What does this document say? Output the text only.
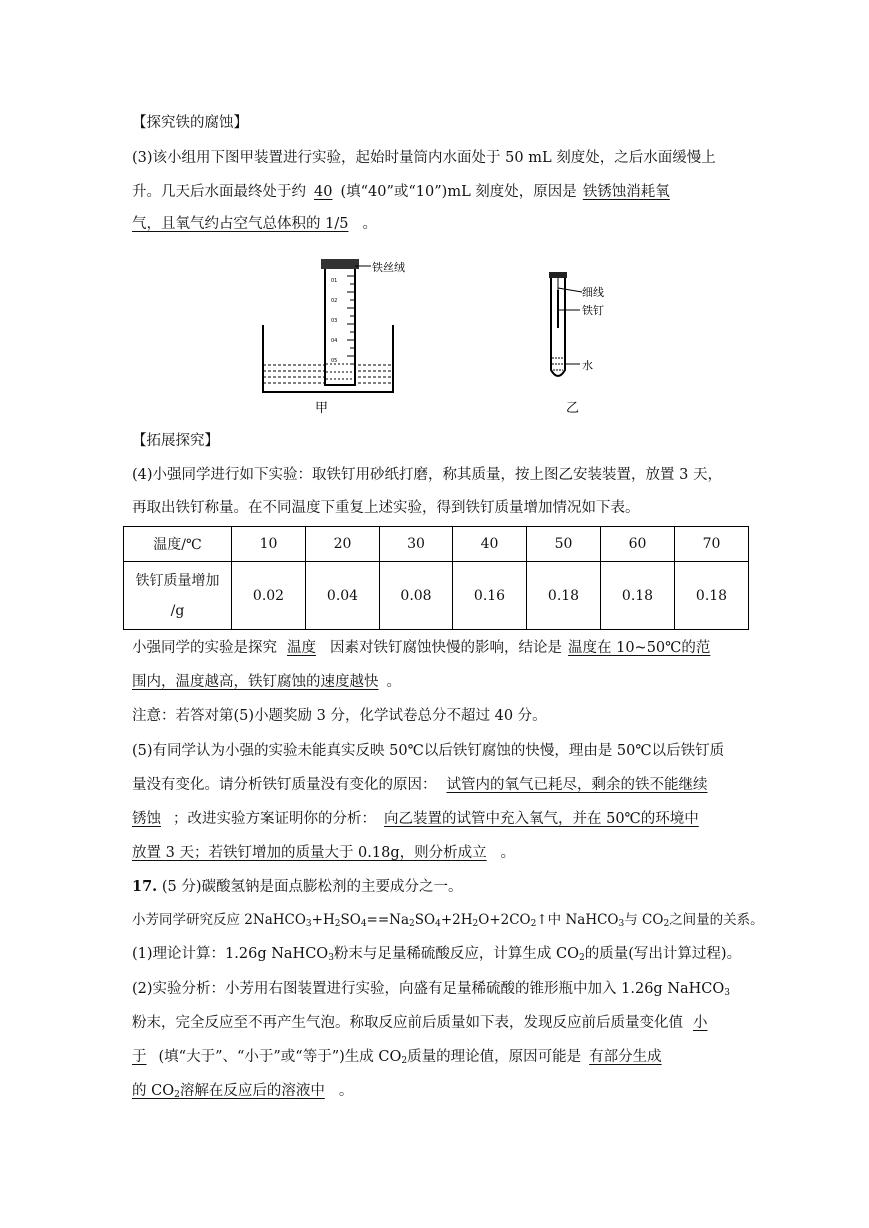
【探究铁的腐蚀】
(3)该小组用下图甲装置进行实验，起始时量筒内水面处于 50 mL 刻度处，之后水面缓慢上
升。几天后水面最终处于约 40 (填“40”或“10”)mL 刻度处，原因是 铁锈蚀消耗氧
气，且氧气约占空气总体积的 1/5 。
01
02
03
04
05
铁丝绒
甲
细线
铁钉
水
乙
【拓展探究】
(4)小强同学进行如下实验：取铁钉用砂纸打磨，称其质量，按上图乙安装装置，放置 3 天，
再取出铁钉称量。在不同温度下重复上述实验，得到铁钉质量增加情况如下表。
温度/℃	10	20	30	40	50	60	70

铁钉质量增加
/g	0.02	0.04	0.08	0.16	0.18	0.18	0.18
小强同学的实验是探究 温度 因素对铁钉腐蚀快慢的影响，结论是 温度在 10~50℃的范
围内，温度越高，铁钉腐蚀的速度越快 。
注意：若答对第(5)小题奖励 3 分，化学试卷总分不超过 40 分。
(5)有同学认为小强的实验未能真实反映 50℃以后铁钉腐蚀的快慢，理由是 50℃以后铁钉质
量没有变化。请分析铁钉质量没有变化的原因： 试管内的氧气已耗尽，剩余的铁不能继续
锈蚀 ；改进实验方案证明你的分析： 向乙装置的试管中充入氧气，并在 50℃的环境中
放置 3 天；若铁钉增加的质量大于 0.18g，则分析成立 。
17. (5 分)碳酸氢钠是面点膨松剂的主要成分之一。
小芳同学研究反应 $2NaHCO_3+H_2SO_4==Na_2SO_4+2H_2O+2CO_2↑$中 NaHCO$_3$与 $CO_2$之间量的关系。
(1)理论计算：1.26g NaHCO$_3$粉末与足量稀硫酸反应，计算生成 $CO_2$的质量(写出计算过程)。
(2)实验分析：小芳用右图装置进行实验，向盛有足量稀硫酸的锥形瓶中加入 1.26g NaHCO$_3$
粉末，完全反应至不再产生气泡。称取反应前后质量如下表，发现反应前后质量变化值 小
于 (填“大于”、“小于”或“等于”)生成 $CO_2$质量的理论值，原因可能是 有部分生成
的 $CO_2$溶解在反应后的溶液中 。
